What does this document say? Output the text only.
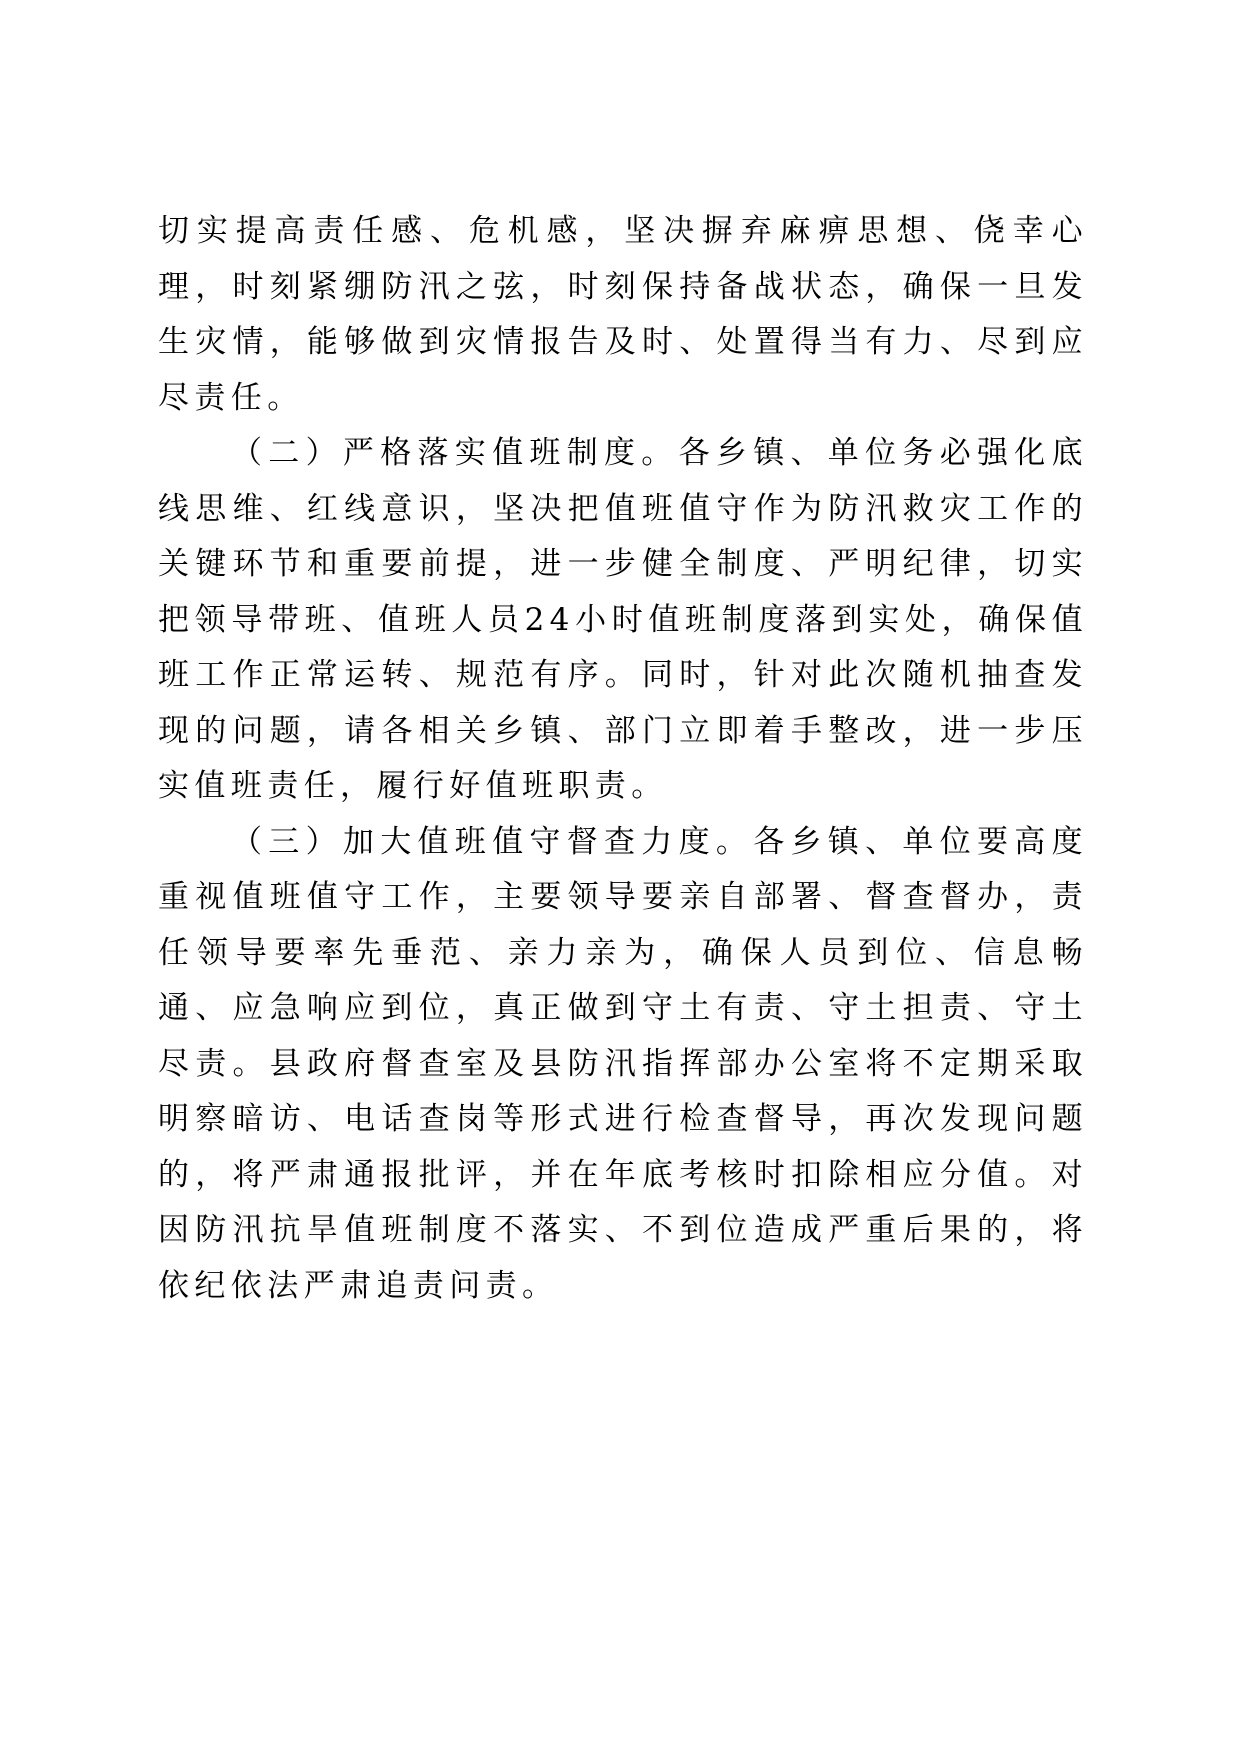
切实提高责任感、危机感，坚决摒弃麻痹思想、侥幸心理，时刻紧绷防汛之弦，时刻保持备战状态，确保一旦发生灾情，能够做到灾情报告及时、处置得当有力、尽到应尽责任。

（二）严格落实值班制度。各乡镇、单位务必强化底线思维、红线意识，坚决把值班值守作为防汛救灾工作的关键环节和重要前提，进一步健全制度、严明纪律，切实把领导带班、值班人员24小时值班制度落到实处，确保值班工作正常运转、规范有序。同时，针对此次随机抽查发现的问题，请各相关乡镇、部门立即着手整改，进一步压实值班责任，履行好值班职责。

（三）加大值班值守督查力度。各乡镇、单位要高度重视值班值守工作，主要领导要亲自部署、督查督办，责任领导要率先垂范、亲力亲为，确保人员到位、信息畅通、应急响应到位，真正做到守土有责、守土担责、守土尽责。县政府督查室及县防汛指挥部办公室将不定期采取明察暗访、电话查岗等形式进行检查督导，再次发现问题的，将严肃通报批评，并在年底考核时扣除相应分值。对因防汛抗旱值班制度不落实、不到位造成严重后果的，将依纪依法严肃追责问责。
